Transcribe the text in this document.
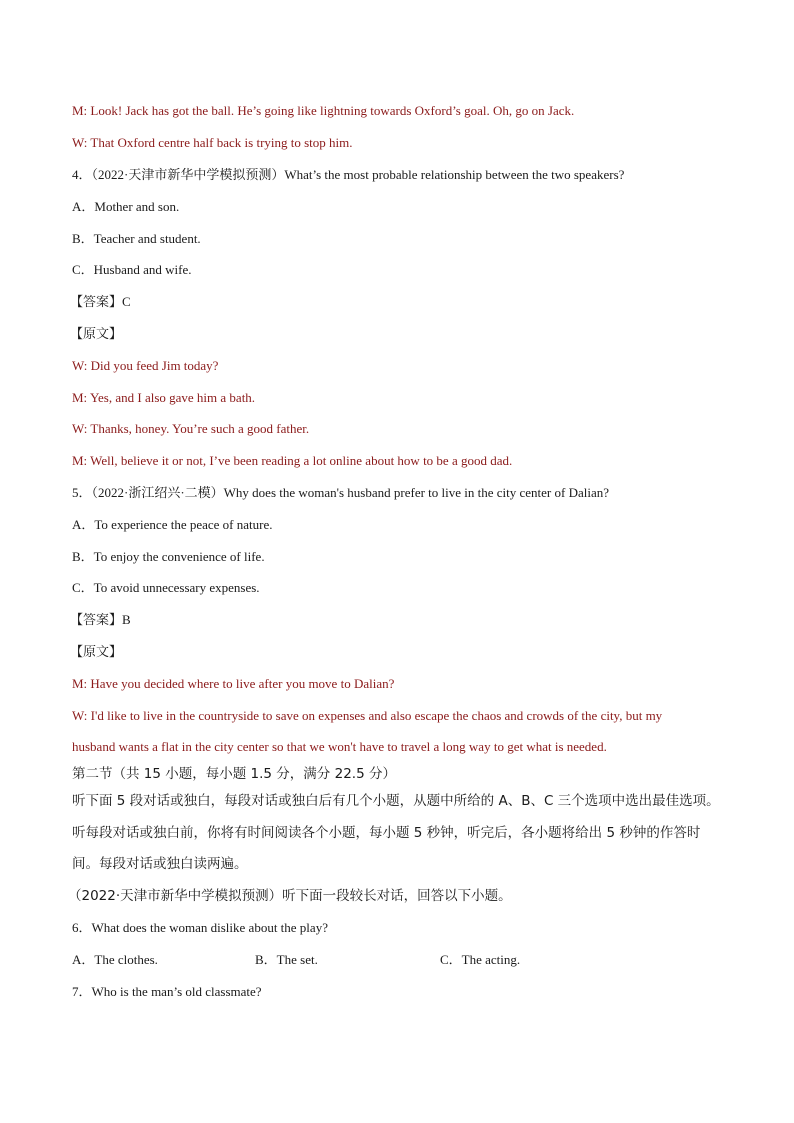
M: Look! Jack has got the ball. He’s going like lightning towards Oxford’s goal. Oh, go on Jack.
W: That Oxford centre half back is trying to stop him.
4．（2022·天津市新华中学模拟预测）What’s the most probable relationship between the two speakers?
A．Mother and son.
B．Teacher and student.
C．Husband and wife.
【答案】C
【原文】
W: Did you feed Jim today?
M: Yes, and I also gave him a bath.
W: Thanks, honey. You’re such a good father.
M: Well, believe it or not, I’ve been reading a lot online about how to be a good dad.
5．（2022·浙江绍兴·二模）Why does the woman's husband prefer to live in the city center of Dalian?
A．To experience the peace of nature.
B．To enjoy the convenience of life.
C．To avoid unnecessary expenses.
【答案】B
【原文】
M: Have you decided where to live after you move to Dalian?
W: I'd like to live in the countryside to save on expenses and also escape the chaos and crowds of the city, but my
husband wants a flat in the city center so that we won't have to travel a long way to get what is needed.
第二节（共 15 小题，每小题 1.5 分，满分 22.5 分）
听下面 5 段对话或独白，每段对话或独白后有几个小题，从题中所给的 A、B、C 三个选项中选出最佳选项。
听每段对话或独白前，你将有时间阅读各个小题，每小题 5 秒钟，听完后，各小题将给出 5 秒钟的作答时
间。每段对话或独白读两遍。
（2022·天津市新华中学模拟预测）听下面一段较长对话，回答以下小题。
6．What does the woman dislike about the play?
A．The clothes.	B．The set.	C．The acting.
7．Who is the man’s old classmate?
